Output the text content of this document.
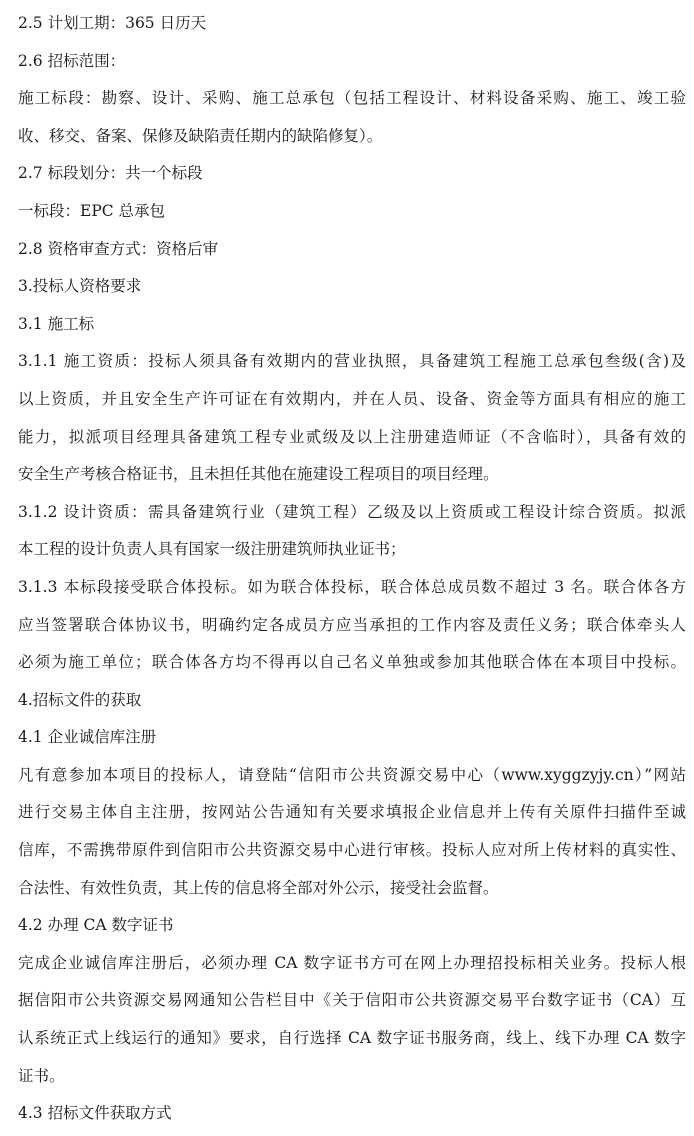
2.5 计划工期：365 日历天
2.6 招标范围：
施工标段：勘察、设计、采购、施工总承包（包括工程设计、材料设备采购、施工、竣工验
收、移交、备案、保修及缺陷责任期内的缺陷修复）。
2.7 标段划分：共一个标段
一标段：EPC 总承包
2.8 资格审查方式：资格后审
3.投标人资格要求
3.1 施工标
3.1.1 施工资质：投标人须具备有效期内的营业执照，具备建筑工程施工总承包叁级(含)及
以上资质，并且安全生产许可证在有效期内，并在人员、设备、资金等方面具有相应的施工
能力，拟派项目经理具备建筑工程专业贰级及以上注册建造师证（不含临时），具备有效的
安全生产考核合格证书，且未担任其他在施建设工程项目的项目经理。
3.1.2 设计资质：需具备建筑行业（建筑工程）乙级及以上资质或工程设计综合资质。拟派
本工程的设计负责人具有国家一级注册建筑师执业证书；
3.1.3 本标段接受联合体投标。如为联合体投标，联合体总成员数不超过 3 名。联合体各方
应当签署联合体协议书，明确约定各成员方应当承担的工作内容及责任义务；联合体牵头人
必须为施工单位；联合体各方均不得再以自己名义单独或参加其他联合体在本项目中投标。
4.招标文件的获取
4.1 企业诚信库注册
凡有意参加本项目的投标人，请登陆“信阳市公共资源交易中心（www.xyggzyjy.cn）”网站
进行交易主体自主注册，按网站公告通知有关要求填报企业信息并上传有关原件扫描件至诚
信库，不需携带原件到信阳市公共资源交易中心进行审核。投标人应对所上传材料的真实性、
合法性、有效性负责，其上传的信息将全部对外公示，接受社会监督。
4.2 办理 CA 数字证书
完成企业诚信库注册后，必须办理 CA 数字证书方可在网上办理招投标相关业务。投标人根
据信阳市公共资源交易网通知公告栏目中《关于信阳市公共资源交易平台数字证书（CA）互
认系统正式上线运行的通知》要求，自行选择 CA 数字证书服务商，线上、线下办理 CA 数字
证书。
4.3 招标文件获取方式
